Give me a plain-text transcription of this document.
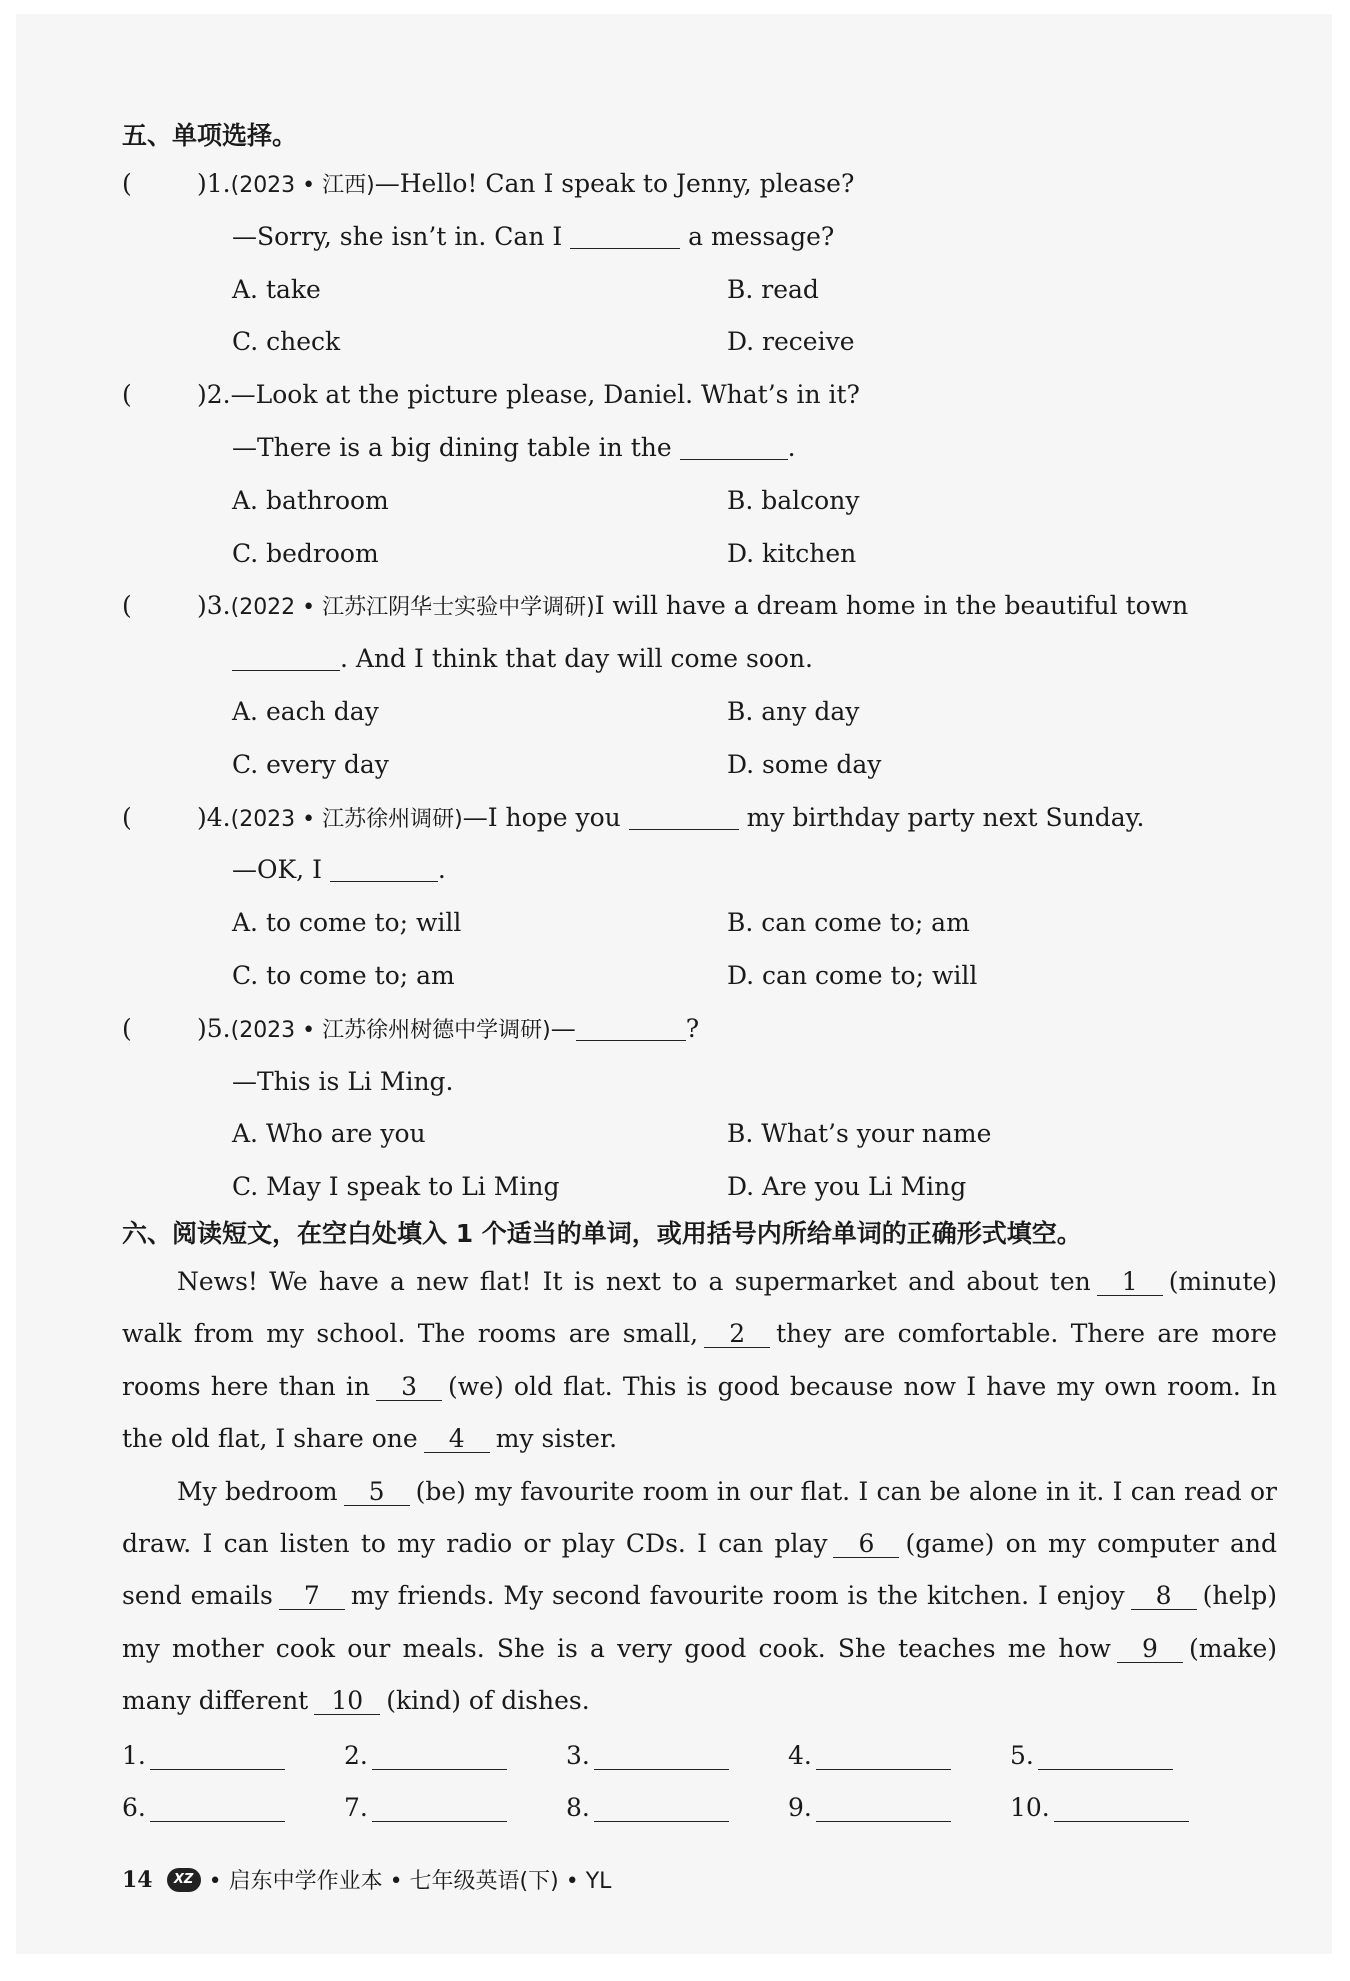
五、单项选择。
(	)1.(2023 • 江西)—Hello! Can I speak to Jenny, please?
—Sorry, she isn’t in. Can I	a message?
A. take	B. read
C. check	D. receive
(	)2.—Look at the picture please, Daniel. What’s in it?
—There is a big dining table in the	.
A. bathroom	B. balcony
C. bedroom	D. kitchen
(	)3.(2022 • 江苏江阴华士实验中学调研)I will have a dream home in the beautiful town
. And I think that day will come soon.
A. each day	B. any day
C. every day	D. some day
(	)4.(2023 • 江苏徐州调研)—I hope you	my birthday party next Sunday.
—OK, I	.
A. to come to; will	B. can come to; am
C. to come to; am	D. can come to; will
(	)5.(2023 • 江苏徐州树德中学调研)—	?
—This is Li Ming.
A. Who are you	B. What’s your name
C. May I speak to Li Ming	D. Are you Li Ming
六、阅读短文，在空白处填入 1 个适当的单词，或用括号内所给单词的正确形式填空。

News! We have a new flat! It is next to a supermarket and about ten 1 (minute) walk from my school. The rooms are small, 2 they are comfortable. There are more rooms here than in 3 (we) old flat. This is good because now I have my own room. In the old flat, I share one 4 my sister.

My bedroom 5 (be) my favourite room in our flat. I can be alone in it. I can read or draw. I can listen to my radio or play CDs. I can play 6 (game) on my computer and send emails 7 my friends. My second favourite room is the kitchen. I enjoy 8 (help) my mother cook our meals. She is a very good cook. She teaches me how 9 (make) many different 10 (kind) of dishes.

1.	2.	3.	4.	5.
6.	7.	8.	9.	10.
14	XZ • 启东中学作业本 • 七年级英语(下) • YL
